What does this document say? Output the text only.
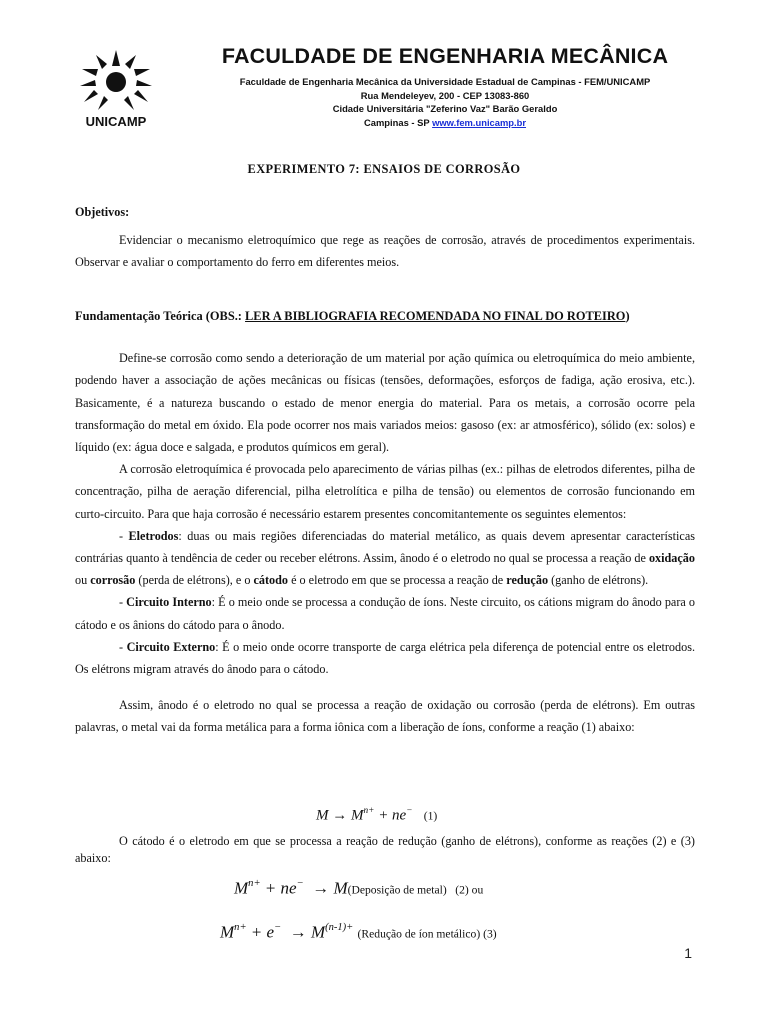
UNICAMP
FACULDADE DE ENGENHARIA MECÂNICA
Faculdade de Engenharia Mecânica da Universidade Estadual de Campinas - FEM/UNICAMP
Rua Mendeleyev, 200 - CEP 13083-860
Cidade Universitária "Zeferino Vaz" Barão Geraldo
Campinas - SP www.fem.unicamp.br
EXPERIMENTO 7: ENSAIOS DE CORROSÃO

Objetivos:

Evidenciar o mecanismo eletroquímico que rege as reações de corrosão, através de procedimentos experimentais. Observar e avaliar o comportamento do ferro em diferentes meios.

Fundamentação Teórica (OBS.: LER A BIBLIOGRAFIA RECOMENDADA NO FINAL DO ROTEIRO)

Define-se corrosão como sendo a deterioração de um material por ação química ou eletroquímica do meio ambiente, podendo haver a associação de ações mecânicas ou físicas (tensões, deformações, esforços de fadiga, ação erosiva, etc.). Basicamente, é a natureza buscando o estado de menor energia do material. Para os metais, a corrosão ocorre pela transformação do metal em óxido. Ela pode ocorrer nos mais variados meios: gasoso (ex: ar atmosférico), sólido (ex: solos) e líquido (ex: água doce e salgada, e produtos químicos em geral).

A corrosão eletroquímica é provocada pelo aparecimento de várias pilhas (ex.: pilhas de eletrodos diferentes, pilha de concentração, pilha de aeração diferencial, pilha eletrolítica e pilha de tensão) ou elementos de corrosão funcionando em curto-circuito. Para que haja corrosão é necessário estarem presentes concomitantemente os seguintes elementos:

- Eletrodos: duas ou mais regiões diferenciadas do material metálico, as quais devem apresentar características contrárias quanto à tendência de ceder ou receber elétrons. Assim, ânodo é o eletrodo no qual se processa a reação de oxidação ou corrosão (perda de elétrons), e o cátodo é o eletrodo em que se processa a reação de redução (ganho de elétrons).

- Circuito Interno: É o meio onde se processa a condução de íons. Neste circuito, os cátions migram do ânodo para o cátodo e os ânions do cátodo para o ânodo.

- Circuito Externo: É o meio onde ocorre transporte de carga elétrica pela diferença de potencial entre os eletrodos. Os elétrons migram através do ânodo para o cátodo.

Assim, ânodo é o eletrodo no qual se processa a reação de oxidação ou corrosão (perda de elétrons). Em outras palavras, o metal vai da forma metálica para a forma iônica com a liberação de íons, conforme a reação (1) abaixo:

$M \to M^{n+} + ne^-$ (1)

O cátodo é o eletrodo em que se processa a reação de redução (ganho de elétrons), conforme as reações (2) e (3) abaixo:

$M^{n+} + ne^-$ → M(Deposição de metal) (2) ou
$M^{n+} + e^- \to M^{(n-1)+}$ (Redução de íon metálico) (3)
1
